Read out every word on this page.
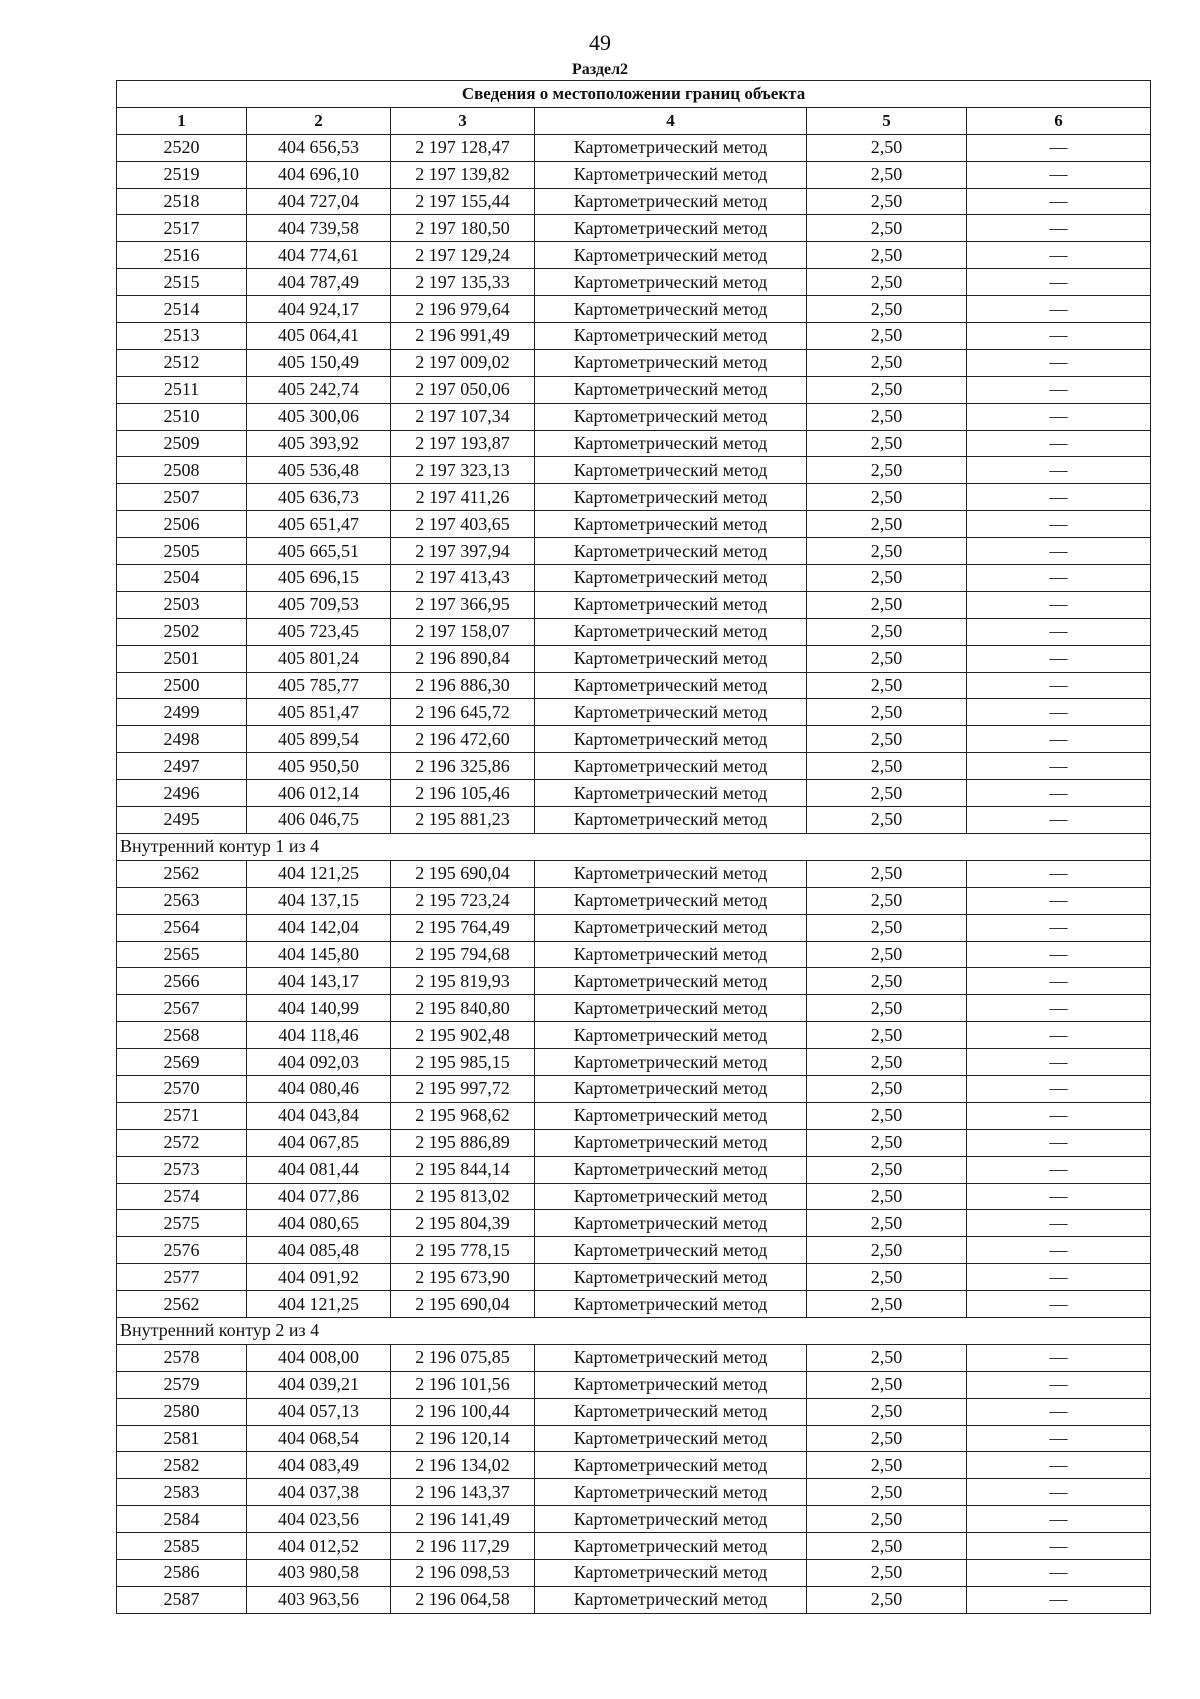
49
Раздел2
Сведения о местоположении границ объекта					
1	2	3	4	5	6
2520	404 656,53	2 197 128,47	Картометрический метод	2,50	—
2519	404 696,10	2 197 139,82	Картометрический метод	2,50	—
2518	404 727,04	2 197 155,44	Картометрический метод	2,50	—
2517	404 739,58	2 197 180,50	Картометрический метод	2,50	—
2516	404 774,61	2 197 129,24	Картометрический метод	2,50	—
2515	404 787,49	2 197 135,33	Картометрический метод	2,50	—
2514	404 924,17	2 196 979,64	Картометрический метод	2,50	—
2513	405 064,41	2 196 991,49	Картометрический метод	2,50	—
2512	405 150,49	2 197 009,02	Картометрический метод	2,50	—
2511	405 242,74	2 197 050,06	Картометрический метод	2,50	—
2510	405 300,06	2 197 107,34	Картометрический метод	2,50	—
2509	405 393,92	2 197 193,87	Картометрический метод	2,50	—
2508	405 536,48	2 197 323,13	Картометрический метод	2,50	—
2507	405 636,73	2 197 411,26	Картометрический метод	2,50	—
2506	405 651,47	2 197 403,65	Картометрический метод	2,50	—
2505	405 665,51	2 197 397,94	Картометрический метод	2,50	—
2504	405 696,15	2 197 413,43	Картометрический метод	2,50	—
2503	405 709,53	2 197 366,95	Картометрический метод	2,50	—
2502	405 723,45	2 197 158,07	Картометрический метод	2,50	—
2501	405 801,24	2 196 890,84	Картометрический метод	2,50	—
2500	405 785,77	2 196 886,30	Картометрический метод	2,50	—
2499	405 851,47	2 196 645,72	Картометрический метод	2,50	—
2498	405 899,54	2 196 472,60	Картометрический метод	2,50	—
2497	405 950,50	2 196 325,86	Картометрический метод	2,50	—
2496	406 012,14	2 196 105,46	Картометрический метод	2,50	—
2495	406 046,75	2 195 881,23	Картометрический метод	2,50	—
Внутренний контур 1 из 4					
2562	404 121,25	2 195 690,04	Картометрический метод	2,50	—
2563	404 137,15	2 195 723,24	Картометрический метод	2,50	—
2564	404 142,04	2 195 764,49	Картометрический метод	2,50	—
2565	404 145,80	2 195 794,68	Картометрический метод	2,50	—
2566	404 143,17	2 195 819,93	Картометрический метод	2,50	—
2567	404 140,99	2 195 840,80	Картометрический метод	2,50	—
2568	404 118,46	2 195 902,48	Картометрический метод	2,50	—
2569	404 092,03	2 195 985,15	Картометрический метод	2,50	—
2570	404 080,46	2 195 997,72	Картометрический метод	2,50	—
2571	404 043,84	2 195 968,62	Картометрический метод	2,50	—
2572	404 067,85	2 195 886,89	Картометрический метод	2,50	—
2573	404 081,44	2 195 844,14	Картометрический метод	2,50	—
2574	404 077,86	2 195 813,02	Картометрический метод	2,50	—
2575	404 080,65	2 195 804,39	Картометрический метод	2,50	—
2576	404 085,48	2 195 778,15	Картометрический метод	2,50	—
2577	404 091,92	2 195 673,90	Картометрический метод	2,50	—
2562	404 121,25	2 195 690,04	Картометрический метод	2,50	—
Внутренний контур 2 из 4					
2578	404 008,00	2 196 075,85	Картометрический метод	2,50	—
2579	404 039,21	2 196 101,56	Картометрический метод	2,50	—
2580	404 057,13	2 196 100,44	Картометрический метод	2,50	—
2581	404 068,54	2 196 120,14	Картометрический метод	2,50	—
2582	404 083,49	2 196 134,02	Картометрический метод	2,50	—
2583	404 037,38	2 196 143,37	Картометрический метод	2,50	—
2584	404 023,56	2 196 141,49	Картометрический метод	2,50	—
2585	404 012,52	2 196 117,29	Картометрический метод	2,50	—
2586	403 980,58	2 196 098,53	Картометрический метод	2,50	—
2587	403 963,56	2 196 064,58	Картометрический метод	2,50	—
